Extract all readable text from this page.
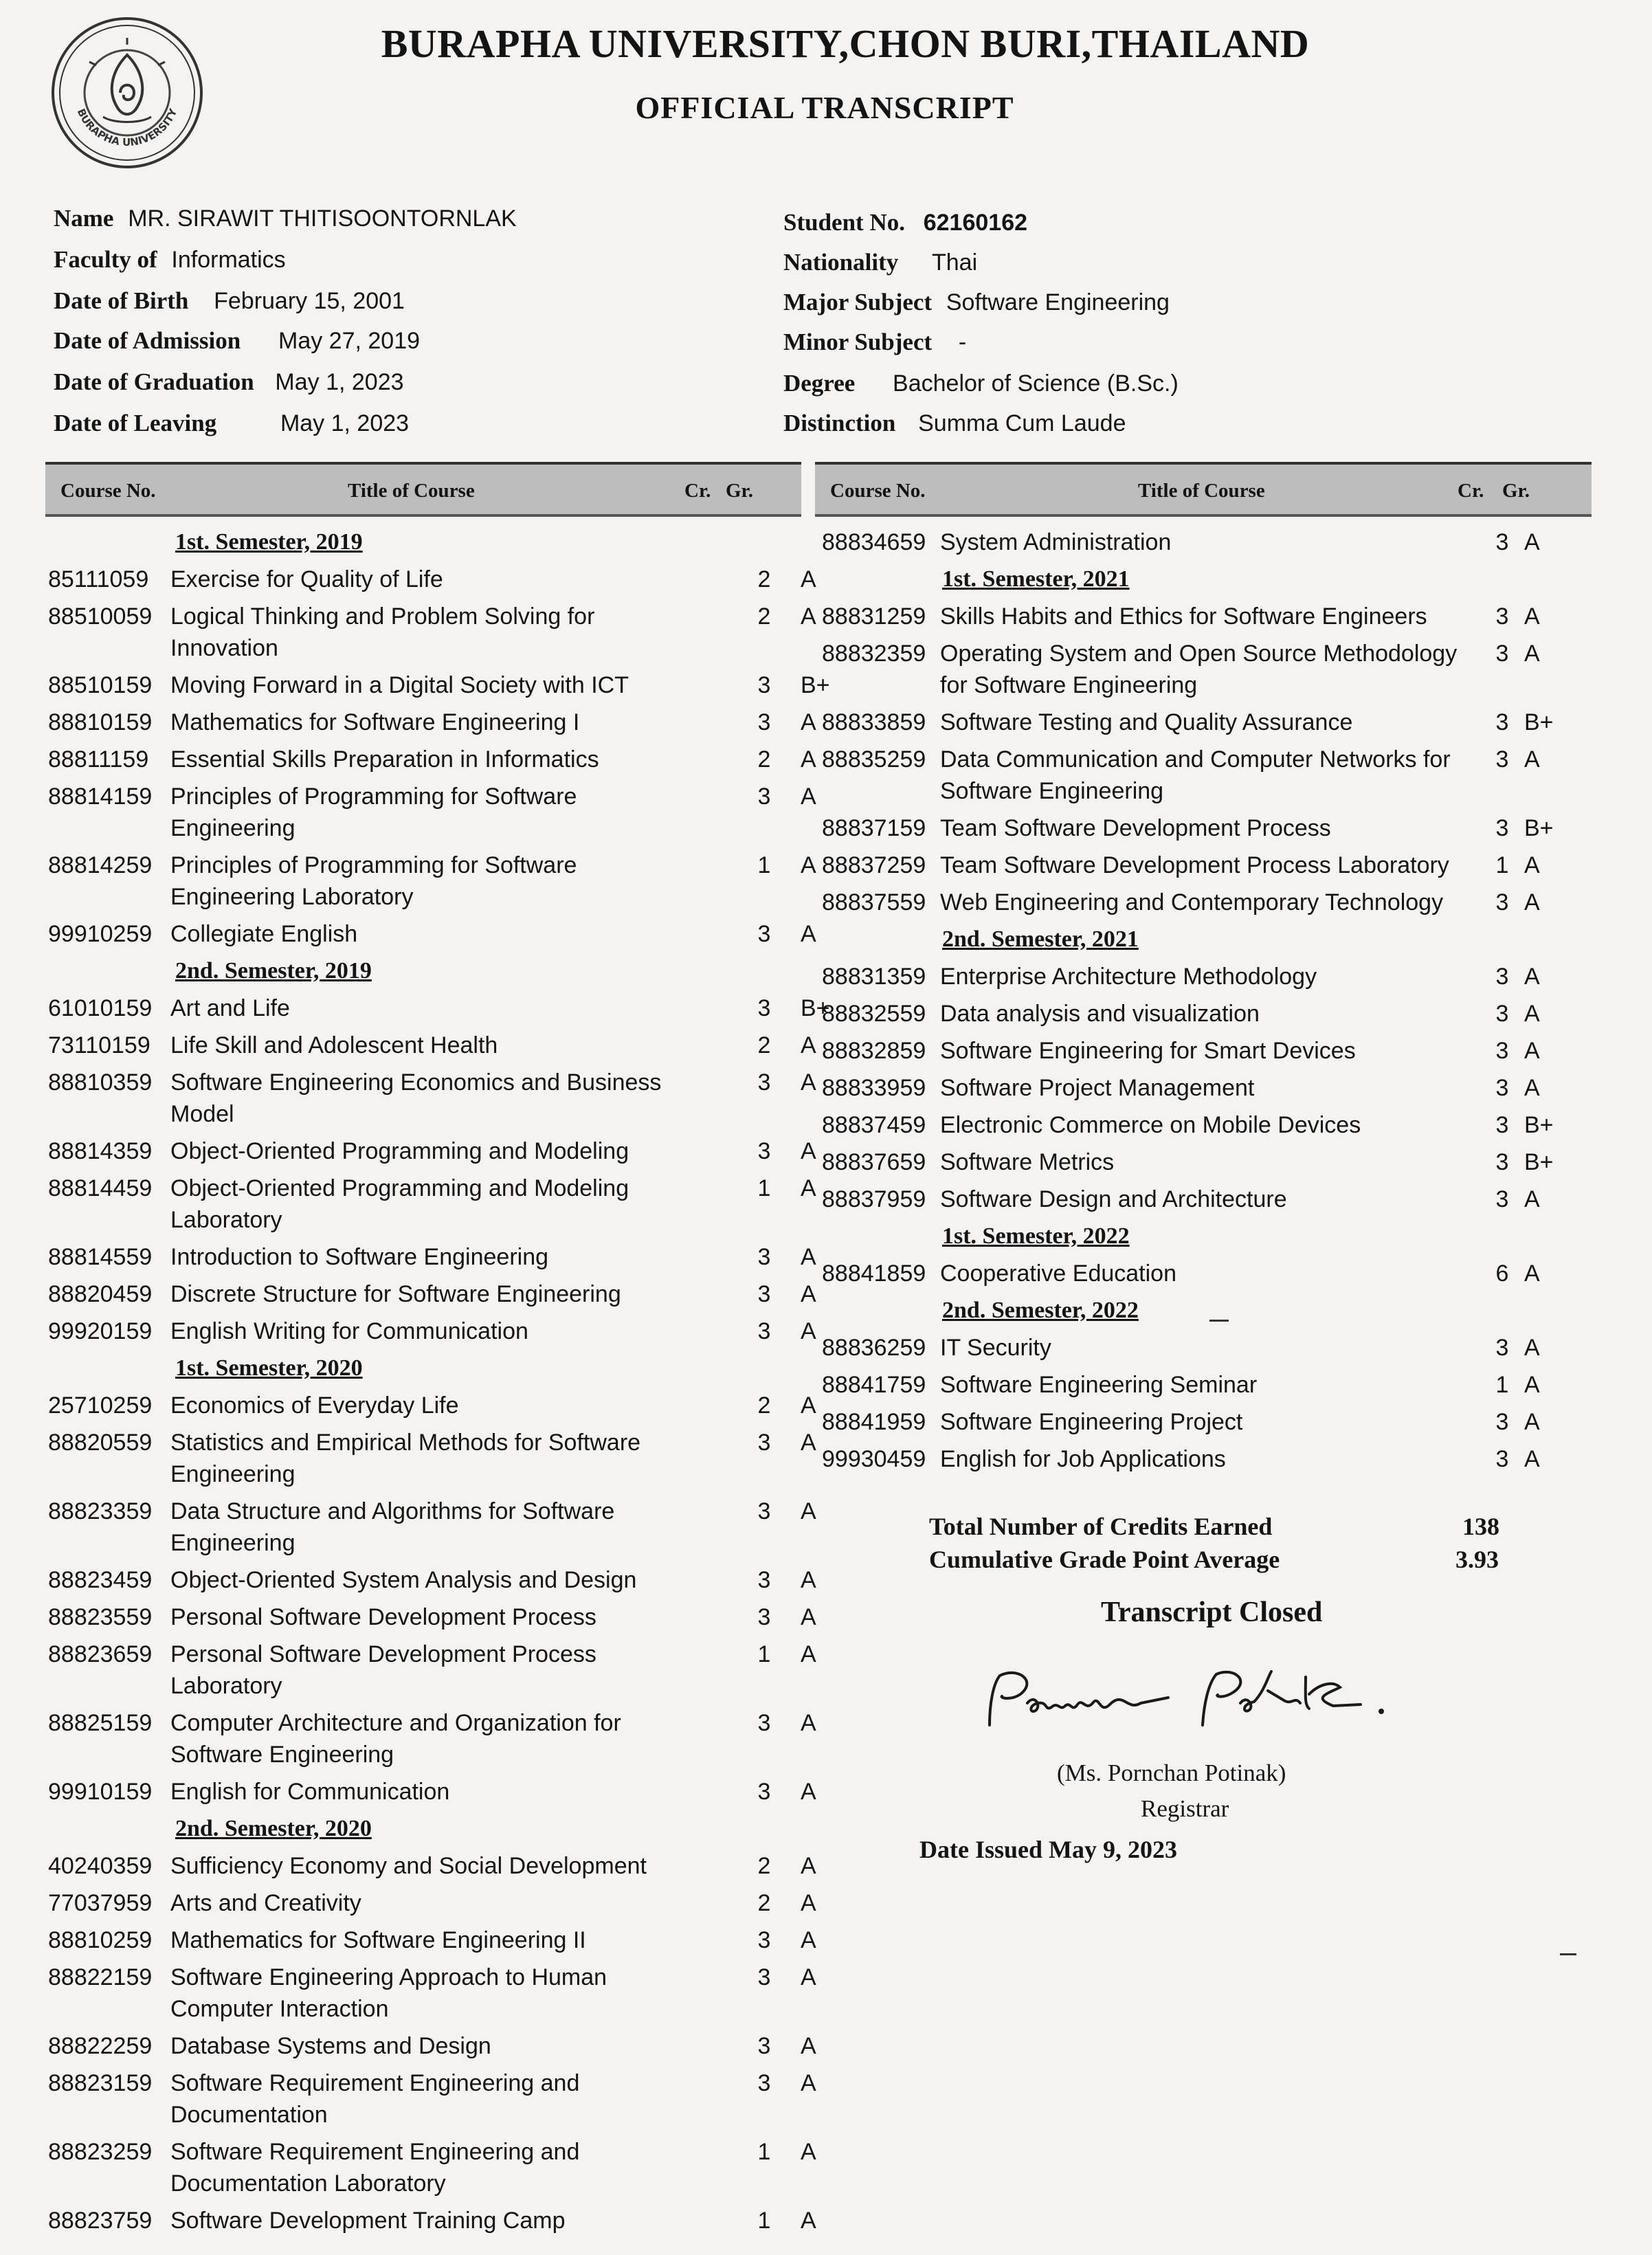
BURAPHA UNIVERSITY
BURAPHA UNIVERSITY,CHON BURI,THAILAND
OFFICIAL TRANSCRIPT
Name MR. SIRAWIT THITISOONTORNLAK
Faculty of Informatics
Date of Birth February 15, 2001
Date of Admission May 27, 2019
Date of Graduation May 1, 2023
Date of Leaving	May 1, 2023
Student No. 62160162
Nationality Thai
Major Subject Software Engineering
Minor Subject -
Degree Bachelor of Science (B.Sc.)
Distinction Summa Cum Laude
Course No.	Title of Course	Cr. Gr.	Course No.	Title of Course	Cr. Gr.
1st. Semester, 2019
85111059 Exercise for Quality of Life	2	A
88510059 Logical Thinking and Problem Solving for Innovation
2	A
88510159 Moving Forward in a Digital Society with ICT	3	B+
88810159 Mathematics for Software Engineering I	3	A
88811159 Essential Skills Preparation in Informatics	2	A
88814159 Principles of Programming for Software Engineering
3	A
88814259 Principles of Programming for Software Engineering Laboratory
1	A
99910259 Collegiate English	3	A
2nd. Semester, 2019
61010159 Art and Life	3	B+
73110159 Life Skill and Adolescent Health	2	A
88810359 Software Engineering Economics and Business Model
3	A
88814359 Object-Oriented Programming and Modeling	3	A
88814459 Object-Oriented Programming and Modeling Laboratory
1	A
88814559 Introduction to Software Engineering	3	A
88820459 Discrete Structure for Software Engineering	3	A
99920159 English Writing for Communication	3	A
1st. Semester, 2020
25710259 Economics of Everyday Life	2	A
88820559 Statistics and Empirical Methods for Software Engineering
3	A
88823359 Data Structure and Algorithms for Software Engineering
3	A
88823459 Object-Oriented System Analysis and Design	3	A
88823559 Personal Software Development Process	3	A
88823659 Personal Software Development Process Laboratory
1	A
88825159 Computer Architecture and Organization for Software Engineering
3	A
99910159 English for Communication	3	A
2nd. Semester, 2020
40240359 Sufficiency Economy and Social Development	2	A
77037959 Arts and Creativity	2	A
88810259 Mathematics for Software Engineering II	3	A
88822159 Software Engineering Approach to Human Computer Interaction
3	A
88822259 Database Systems and Design	3	A
88823159 Software Requirement Engineering and Documentation
3	A
88823259 Software Requirement Engineering and Documentation Laboratory
1	A
88823759 Software Development Training Camp	1	A
88834659 System Administration	3 A
1st. Semester, 2021
88831259 Skills Habits and Ethics for Software Engineers	3 A
88832359 Operating System and Open Source Methodology for Software Engineering
3 A
88833859 Software Testing and Quality Assurance	3 B+
88835259 Data Communication and Computer Networks for Software Engineering
3 A
88837159 Team Software Development Process	3 B+
88837259 Team Software Development Process Laboratory	1 A
88837559 Web Engineering and Contemporary Technology	3 A
2nd. Semester, 2021
88831359 Enterprise Architecture Methodology	3 A
88832559 Data analysis and visualization	3 A
88832859 Software Engineering for Smart Devices	3 A
88833959 Software Project Management	3 A
88837459 Electronic Commerce on Mobile Devices	3 B+
88837659 Software Metrics	3 B+
88837959 Software Design and Architecture	3 A
1st. Semester, 2022
88841859 Cooperative Education	6 A
2nd. Semester, 2022
88836259 IT Security	3 A
88841759 Software Engineering Seminar	1 A
88841959 Software Engineering Project	3 A
99930459 English for Job Applications	3 A
Total Number of Credits Earned	138
Cumulative Grade Point Average	3.93
Transcript Closed
(Ms. Pornchan Potinak)
Registrar
Date Issued May 9, 2023
